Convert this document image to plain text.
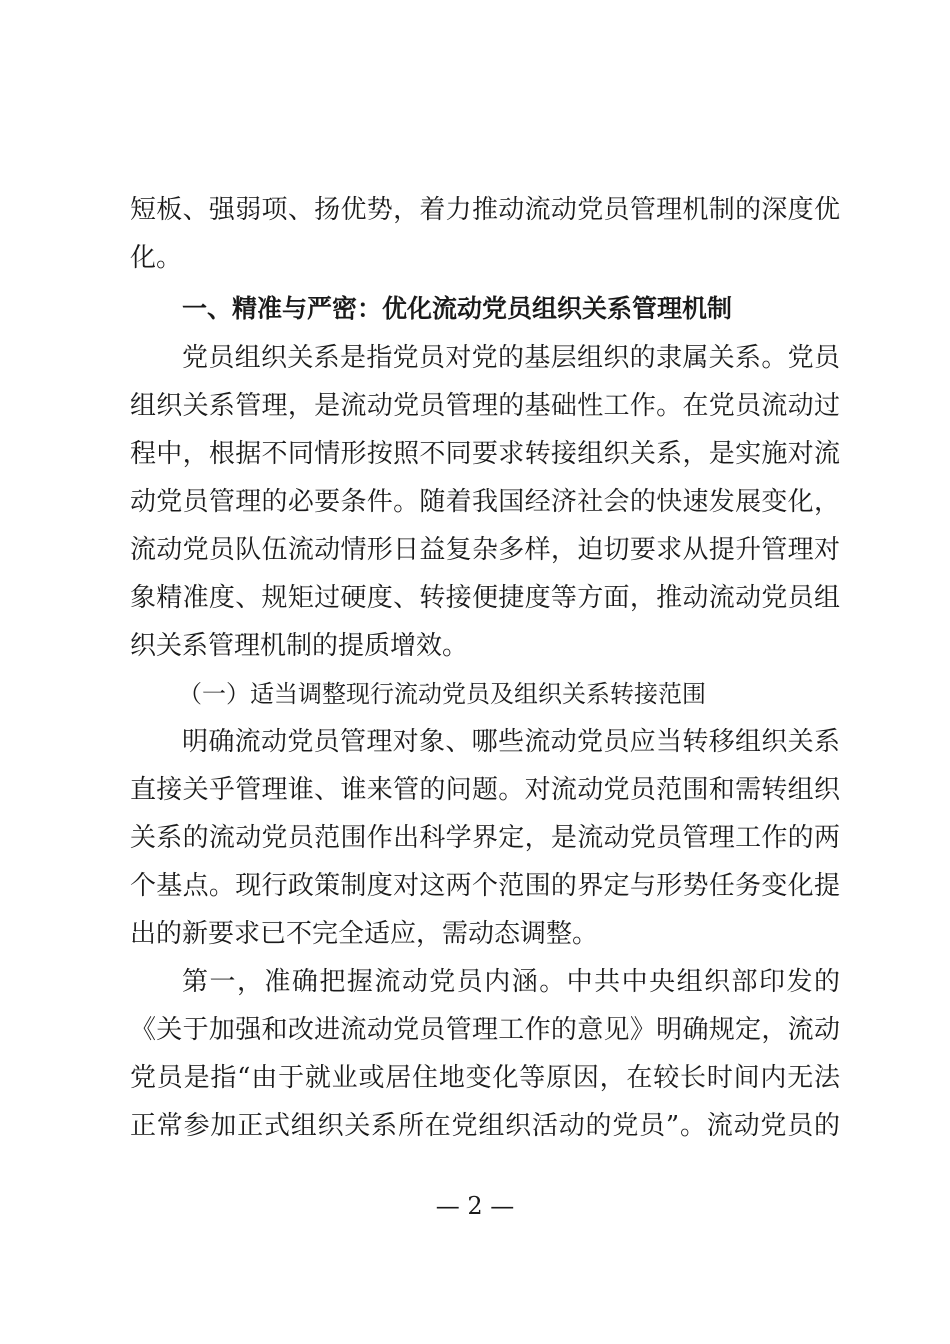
短板、强弱项、扬优势，着力推动流动党员管理机制的深度优
化。
一、精准与严密：优化流动党员组织关系管理机制
党员组织关系是指党员对党的基层组织的隶属关系。党员
组织关系管理，是流动党员管理的基础性工作。在党员流动过
程中，根据不同情形按照不同要求转接组织关系，是实施对流
动党员管理的必要条件。随着我国经济社会的快速发展变化，
流动党员队伍流动情形日益复杂多样，迫切要求从提升管理对
象精准度、规矩过硬度、转接便捷度等方面，推动流动党员组
织关系管理机制的提质增效。
（一）适当调整现行流动党员及组织关系转接范围
明确流动党员管理对象、哪些流动党员应当转移组织关系
直接关乎管理谁、谁来管的问题。对流动党员范围和需转组织
关系的流动党员范围作出科学界定，是流动党员管理工作的两
个基点。现行政策制度对这两个范围的界定与形势任务变化提
出的新要求已不完全适应，需动态调整。
第一，准确把握流动党员内涵。中共中央组织部印发的
《关于加强和改进流动党员管理工作的意见》明确规定，流动
党员是指“由于就业或居住地变化等原因，在较长时间内无法
正常参加正式组织关系所在党组织活动的党员”。流动党员的
— 2 —
